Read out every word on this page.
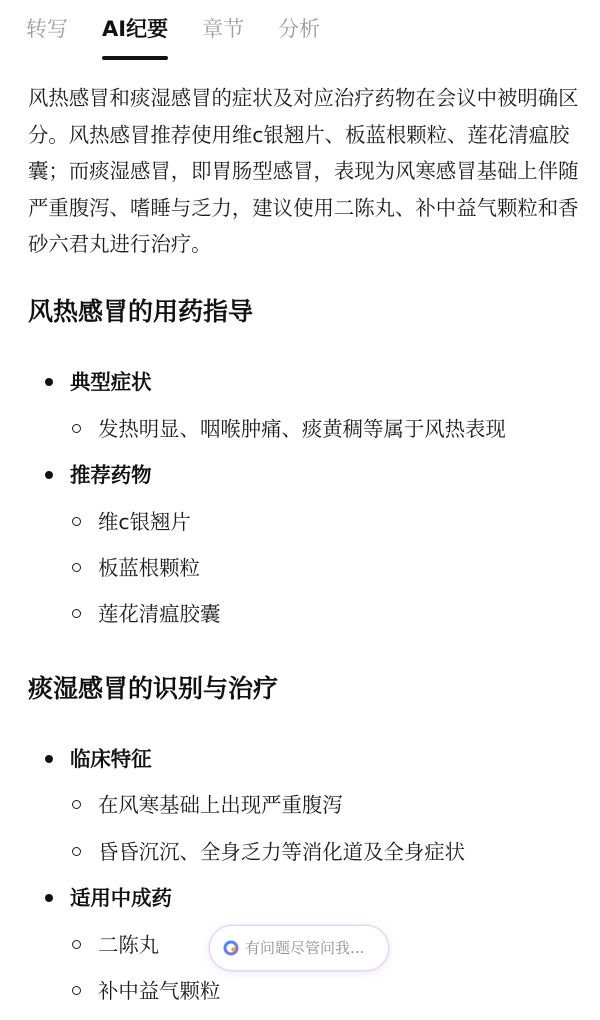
转写 AI纪要 章节 分析

风热感冒和痰湿感冒的症状及对应治疗药物在会议中被明确区分。风热感冒推荐使用维c银翘片、板蓝根颗粒、莲花清瘟胶囊；而痰湿感冒，即胃肠型感冒，表现为风寒感冒基础上伴随严重腹泻、嗜睡与乏力，建议使用二陈丸、补中益气颗粒和香砂六君丸进行治疗。

风热感冒的用药指导
典型症状
发热明显、咽喉肿痛、痰黄稠等属于风热表现
推荐药物
维c银翘片
板蓝根颗粒
莲花清瘟胶囊
痰湿感冒的识别与治疗
临床特征
在风寒基础上出现严重腹泻
昏昏沉沉、全身乏力等消化道及全身症状
适用中成药
二陈丸
补中益气颗粒
有问题尽管问我...
